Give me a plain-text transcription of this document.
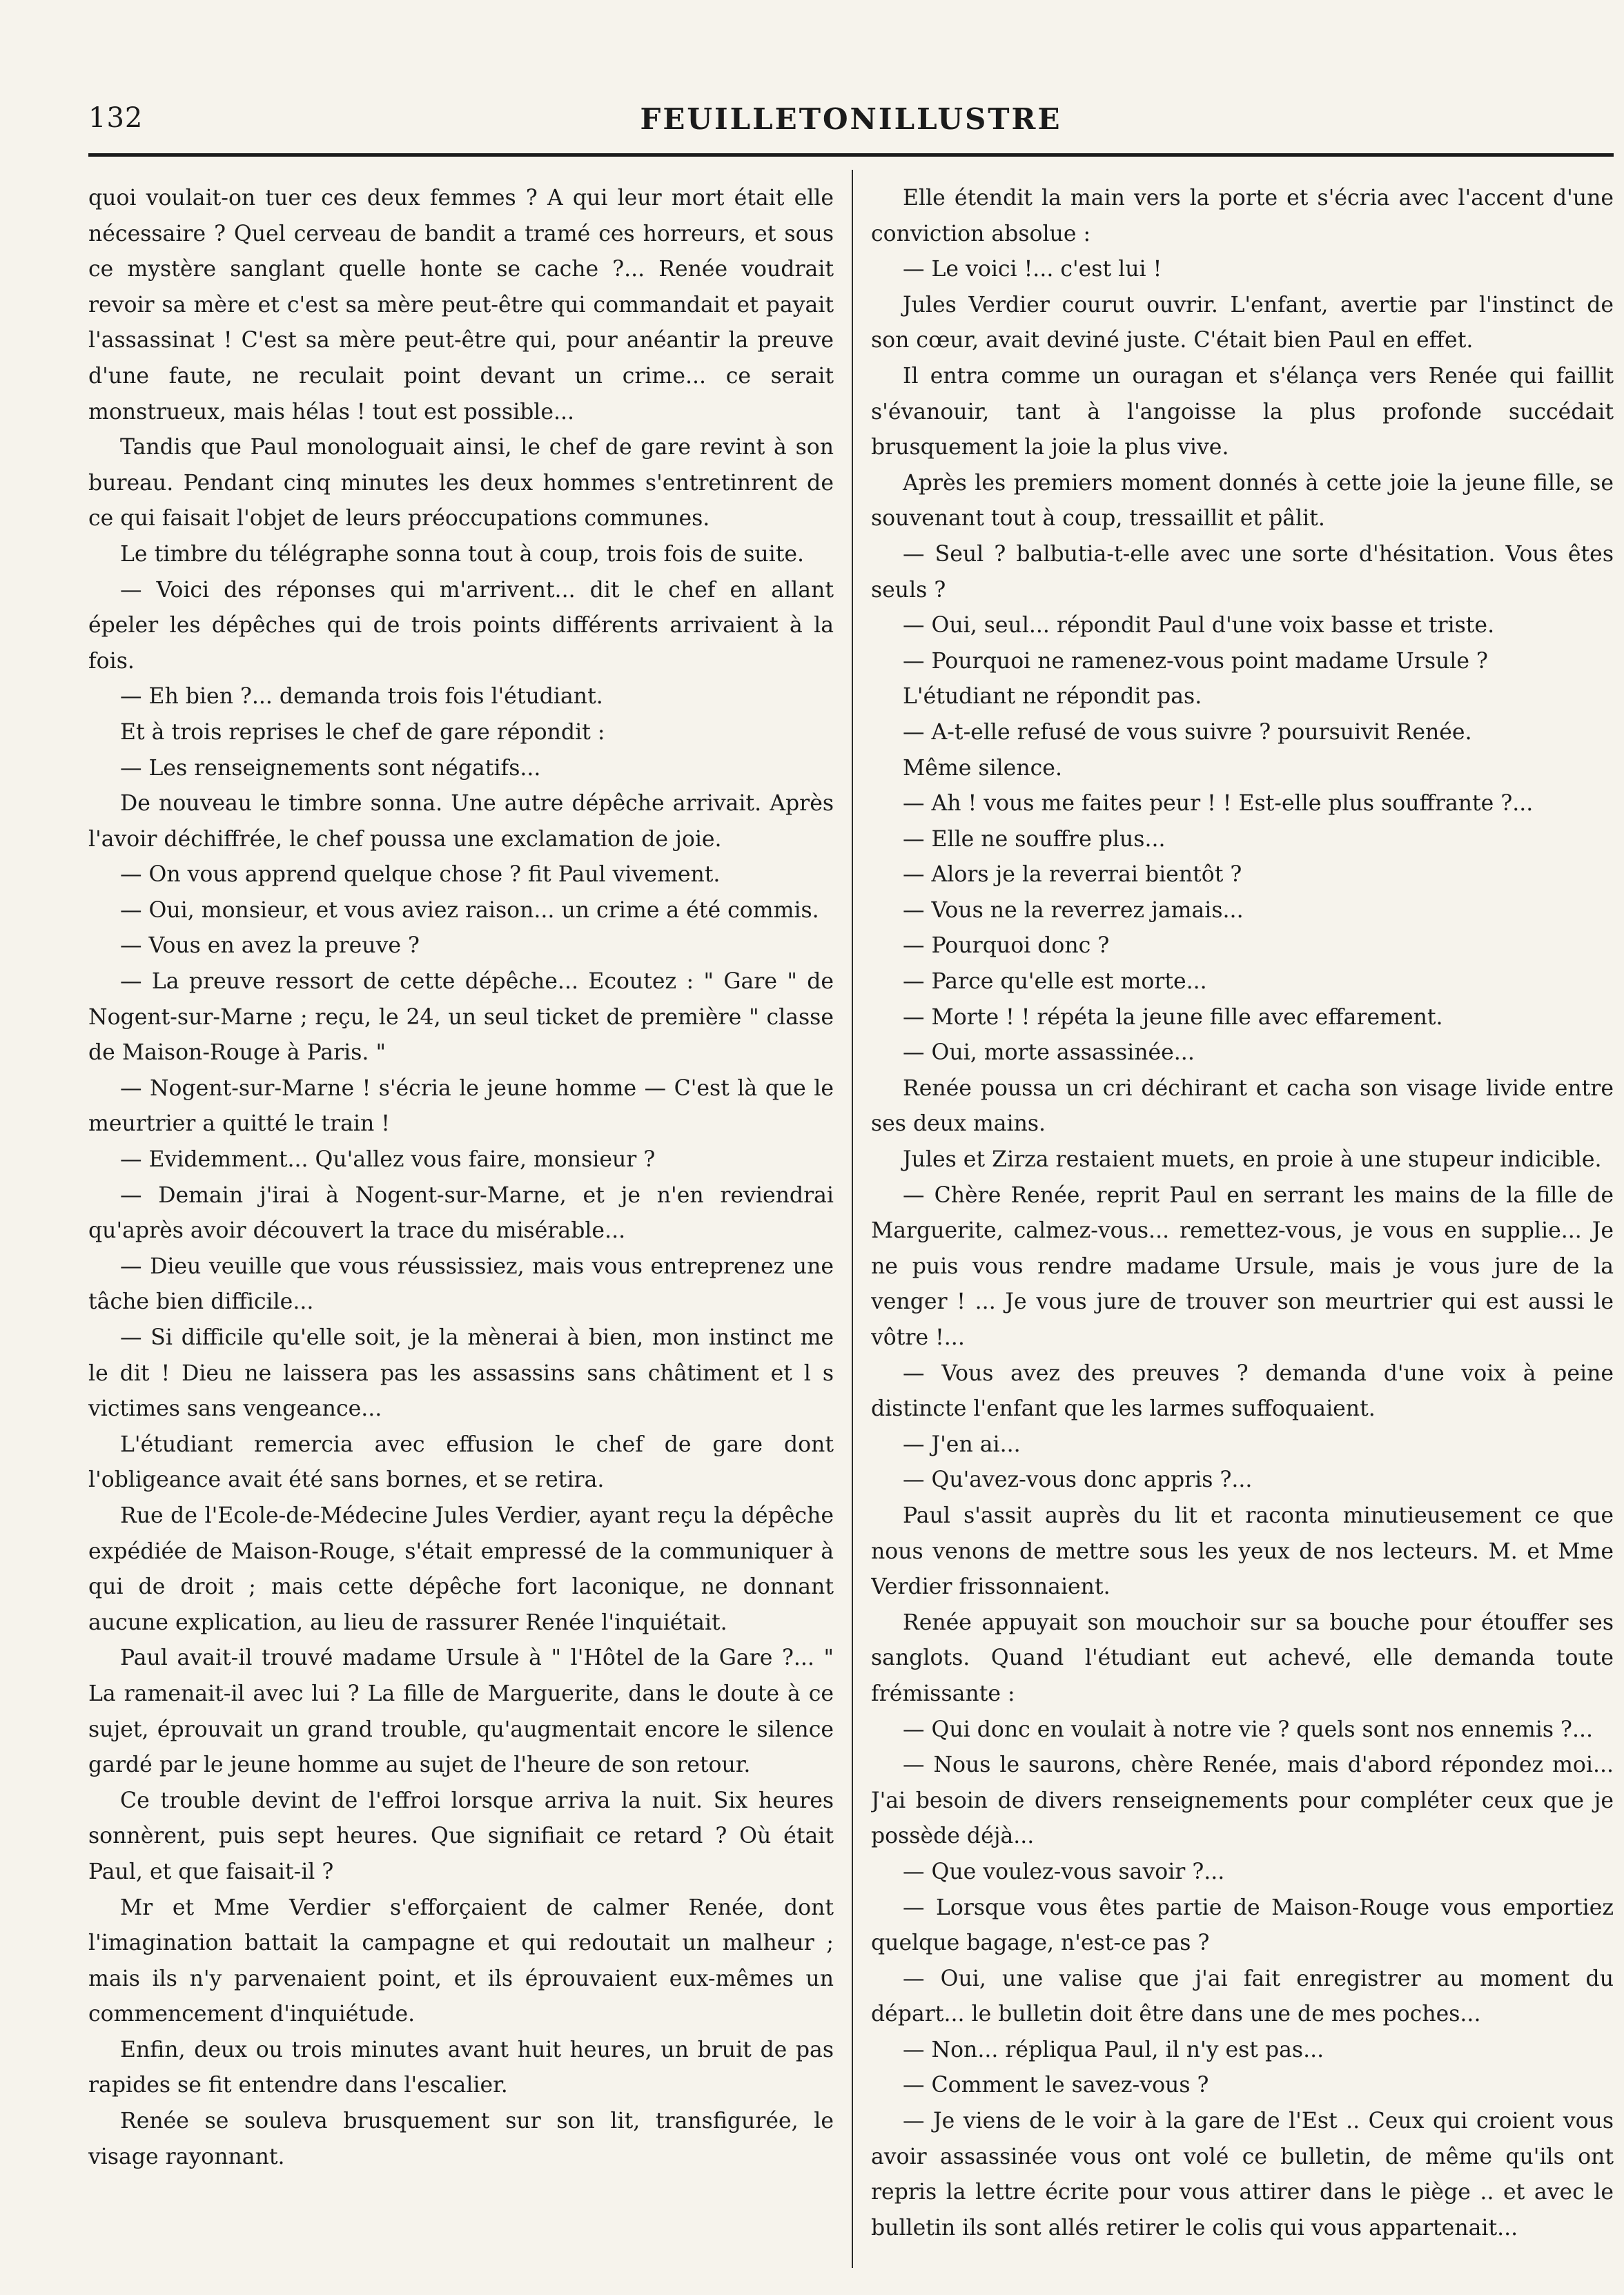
132	FEUILLETONILLUSTRE

quoi voulait-on tuer ces deux femmes ? A qui leur mort était elle nécessaire ? Quel cerveau de bandit a tramé ces horreurs, et sous ce mystère sanglant quelle honte se cache ?... Renée voudrait revoir sa mère et c'est sa mère peut-être qui commandait et payait l'assassinat ! C'est sa mère peut-être qui, pour anéantir la preuve d'une faute, ne reculait point devant un crime... ce serait monstrueux, mais hélas ! tout est possible...

Tandis que Paul monologuait ainsi, le chef de gare revint à son bureau. Pendant cinq minutes les deux hommes s'entretinrent de ce qui faisait l'objet de leurs préoccupations communes.

Le timbre du télégraphe sonna tout à coup, trois fois de suite.

— Voici des réponses qui m'arrivent... dit le chef en allant épeler les dépêches qui de trois points différents arrivaient à la fois.

— Eh bien ?... demanda trois fois l'étudiant.

Et à trois reprises le chef de gare répondit :

— Les renseignements sont négatifs...

De nouveau le timbre sonna. Une autre dépêche arrivait. Après l'avoir déchiffrée, le chef poussa une exclamation de joie.

— On vous apprend quelque chose ? fit Paul vivement.

— Oui, monsieur, et vous aviez raison... un crime a été commis.

— Vous en avez la preuve ?

— La preuve ressort de cette dépêche... Ecoutez : " Gare " de Nogent-sur-Marne ; reçu, le 24, un seul ticket de première " classe de Maison-Rouge à Paris. "

— Nogent-sur-Marne ! s'écria le jeune homme — C'est là que le meurtrier a quitté le train !

— Evidemment... Qu'allez vous faire, monsieur ?

— Demain j'irai à Nogent-sur-Marne, et je n'en reviendrai qu'après avoir découvert la trace du misérable...

— Dieu veuille que vous réussissiez, mais vous entreprenez une tâche bien difficile...

— Si difficile qu'elle soit, je la mènerai à bien, mon instinct me le dit ! Dieu ne laissera pas les assassins sans châtiment et l s victimes sans vengeance...

L'étudiant remercia avec effusion le chef de gare dont l'obligeance avait été sans bornes, et se retira.

Rue de l'Ecole-de-Médecine Jules Verdier, ayant reçu la dépêche expédiée de Maison-Rouge, s'était empressé de la communiquer à qui de droit ; mais cette dépêche fort laconique, ne donnant aucune explication, au lieu de rassurer Renée l'inquiétait.

Paul avait-il trouvé madame Ursule à " l'Hôtel de la Gare ?... " La ramenait-il avec lui ? La fille de Marguerite, dans le doute à ce sujet, éprouvait un grand trouble, qu'augmentait encore le silence gardé par le jeune homme au sujet de l'heure de son retour.

Ce trouble devint de l'effroi lorsque arriva la nuit. Six heures sonnèrent, puis sept heures. Que signifiait ce retard ? Où était Paul, et que faisait-il ?

Mr et Mme Verdier s'efforçaient de calmer Renée, dont l'imagination battait la campagne et qui redoutait un malheur ; mais ils n'y parvenaient point, et ils éprouvaient eux-mêmes un commencement d'inquiétude.

Enfin, deux ou trois minutes avant huit heures, un bruit de pas rapides se fit entendre dans l'escalier.

Renée se souleva brusquement sur son lit, transfigurée, le visage rayonnant.

Elle étendit la main vers la porte et s'écria avec l'accent d'une conviction absolue :

— Le voici !... c'est lui !

Jules Verdier courut ouvrir. L'enfant, avertie par l'instinct de son cœur, avait deviné juste. C'était bien Paul en effet.

Il entra comme un ouragan et s'élança vers Renée qui faillit s'évanouir, tant à l'angoisse la plus profonde succédait brusquement la joie la plus vive.

Après les premiers moment donnés à cette joie la jeune fille, se souvenant tout à coup, tressaillit et pâlit.

— Seul ? balbutia-t-elle avec une sorte d'hésitation. Vous êtes seuls ?

— Oui, seul... répondit Paul d'une voix basse et triste.

— Pourquoi ne ramenez-vous point madame Ursule ?

L'étudiant ne répondit pas.

— A-t-elle refusé de vous suivre ? poursuivit Renée.

Même silence.

— Ah ! vous me faites peur ! ! Est-elle plus souffrante ?...

— Elle ne souffre plus...

— Alors je la reverrai bientôt ?

— Vous ne la reverrez jamais...

— Pourquoi donc ?

— Parce qu'elle est morte...

— Morte ! ! répéta la jeune fille avec effarement.

— Oui, morte assassinée...

Renée poussa un cri déchirant et cacha son visage livide entre ses deux mains.

Jules et Zirza restaient muets, en proie à une stupeur indicible.

— Chère Renée, reprit Paul en serrant les mains de la fille de Marguerite, calmez-vous... remettez-vous, je vous en supplie... Je ne puis vous rendre madame Ursule, mais je vous jure de la venger ! ... Je vous jure de trouver son meurtrier qui est aussi le vôtre !...

— Vous avez des preuves ? demanda d'une voix à peine distincte l'enfant que les larmes suffoquaient.

— J'en ai...

— Qu'avez-vous donc appris ?...

Paul s'assit auprès du lit et raconta minutieusement ce que nous venons de mettre sous les yeux de nos lecteurs. M. et Mme Verdier frissonnaient.

Renée appuyait son mouchoir sur sa bouche pour étouffer ses sanglots. Quand l'étudiant eut achevé, elle demanda toute frémissante :

— Qui donc en voulait à notre vie ? quels sont nos ennemis ?...

— Nous le saurons, chère Renée, mais d'abord répondez moi... J'ai besoin de divers renseignements pour compléter ceux que je possède déjà...

— Que voulez-vous savoir ?...

— Lorsque vous êtes partie de Maison-Rouge vous emportiez quelque bagage, n'est-ce pas ?

— Oui, une valise que j'ai fait enregistrer au moment du départ... le bulletin doit être dans une de mes poches...

— Non... répliqua Paul, il n'y est pas...

— Comment le savez-vous ?

— Je viens de le voir à la gare de l'Est .. Ceux qui croient vous avoir assassinée vous ont volé ce bulletin, de même qu'ils ont repris la lettre écrite pour vous attirer dans le piège .. et avec le bulletin ils sont allés retirer le colis qui vous appartenait...
